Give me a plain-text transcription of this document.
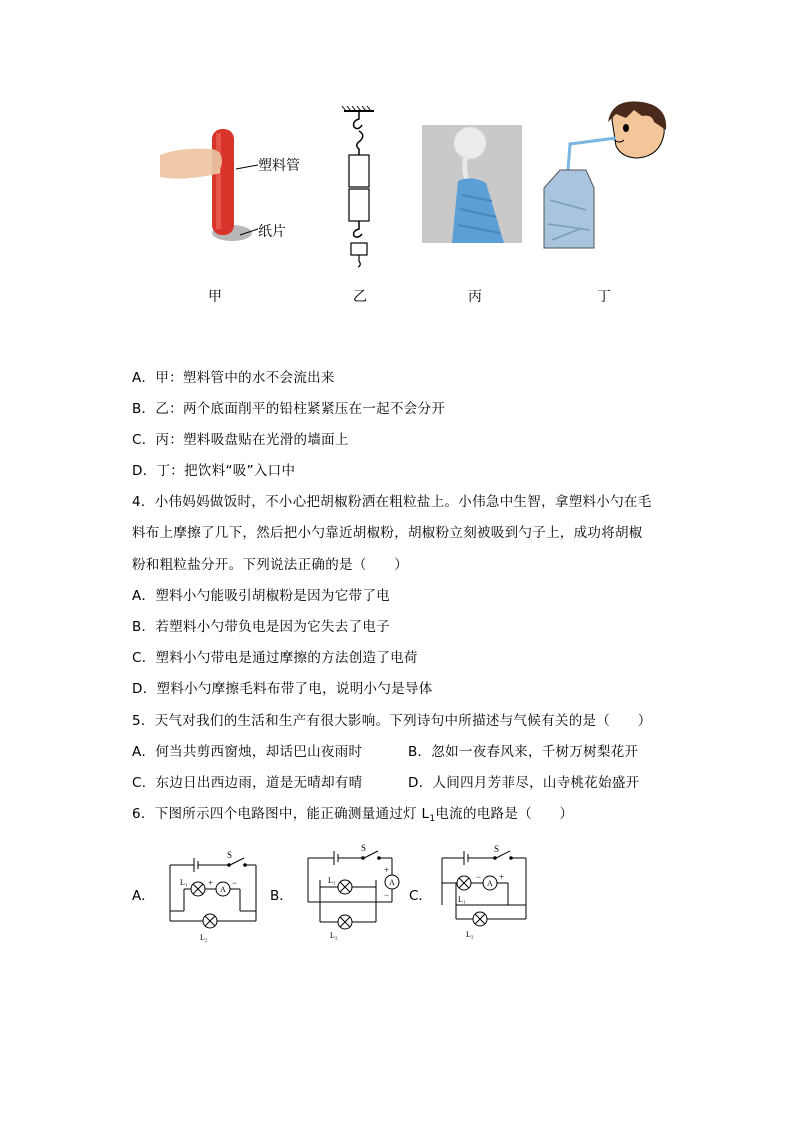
塑料管
纸片
甲	乙	丙	丁
A．甲：塑料管中的水不会流出来
B．乙：两个底面削平的铅柱紧紧压在一起不会分开
C．丙：塑料吸盘贴在光滑的墙面上
D．丁：把饮料“吸”入口中
4．小伟妈妈做饭时，不小心把胡椒粉洒在粗粒盐上。小伟急中生智，拿塑料小勺在毛
料布上摩擦了几下，然后把小勺靠近胡椒粉，胡椒粉立刻被吸到勺子上，成功将胡椒
粉和粗粒盐分开。下列说法正确的是（　　）
A．塑料小勺能吸引胡椒粉是因为它带了电
B．若塑料小勺带负电是因为它失去了电子
C．塑料小勺带电是通过摩擦的方法创造了电荷
D．塑料小勺摩擦毛料布带了电，说明小勺是导体
5．天气对我们的生活和生产有很大影响。下列诗句中所描述与气候有关的是（　　）
A．何当共剪西窗烛，却话巴山夜雨时	B．忽如一夜春风来，千树万树梨花开
C．东边日出西边雨，道是无晴却有晴	D．人间四月芳菲尽，山寺桃花始盛开
6．下图所示四个电路图中，能正确测量通过灯 $L_1$电流的电路是（　　）
A．
S
A
L₁ + −
L₂
B．
S
A
+
−
L₁
L₂
C．
S
A
− +
L₁
L₂
